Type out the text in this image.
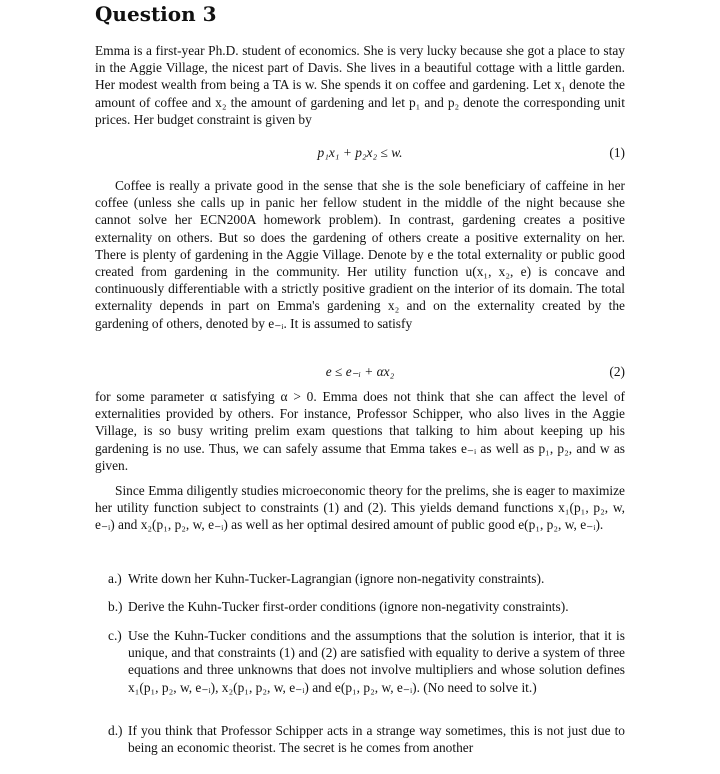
Question 3

Emma is a first-year Ph.D. student of economics. She is very lucky because she got a place to stay in the Aggie Village, the nicest part of Davis. She lives in a beautiful cottage with a little garden. Her modest wealth from being a TA is w. She spends it on coffee and gardening. Let x₁ denote the amount of coffee and x₂ the amount of gardening and let p₁ and p₂ denote the corresponding unit prices. Her budget constraint is given by

p₁x₁ + p₂x₂ ≤ w.	(1)

Coffee is really a private good in the sense that she is the sole beneficiary of caffeine in her coffee (unless she calls up in panic her fellow student in the middle of the night because she cannot solve her ECN200A homework problem). In contrast, gardening creates a positive externality on others. But so does the gardening of others create a positive externality on her. There is plenty of gardening in the Aggie Village. Denote by e the total externality or public good created from gardening in the community. Her utility function u(x₁, x₂, e) is concave and continuously differentiable with a strictly positive gradient on the interior of its domain. The total externality depends in part on Emma's gardening x₂ and on the externality created by the gardening of others, denoted by e₋ᵢ. It is assumed to satisfy

e ≤ e₋ᵢ + αx₂	(2)

for some parameter α satisfying α > 0. Emma does not think that she can affect the level of externalities provided by others. For instance, Professor Schipper, who also lives in the Aggie Village, is so busy writing prelim exam questions that talking to him about keeping up his gardening is no use. Thus, we can safely assume that Emma takes e₋ᵢ as well as p₁, p₂, and w as given.

Since Emma diligently studies microeconomic theory for the prelims, she is eager to maximize her utility function subject to constraints (1) and (2). This yields demand functions x₁(p₁, p₂, w, e₋ᵢ) and x₂(p₁, p₂, w, e₋ᵢ) as well as her optimal desired amount of public good e(p₁, p₂, w, e₋ᵢ).

a.) Write down her Kuhn-Tucker-Lagrangian (ignore non-negativity constraints).
b.) Derive the Kuhn-Tucker first-order conditions (ignore non-negativity constraints).
c.) Use the Kuhn-Tucker conditions and the assumptions that the solution is interior, that it is unique, and that constraints (1) and (2) are satisfied with equality to derive a system of three equations and three unknowns that does not involve multipliers and whose solution defines x₁(p₁, p₂, w, e₋ᵢ), x₂(p₁, p₂, w, e₋ᵢ) and e(p₁, p₂, w, e₋ᵢ). (No need to solve it.)
d.) If you think that Professor Schipper acts in a strange way sometimes, this is not just due to being an economic theorist. The secret is he comes from another
